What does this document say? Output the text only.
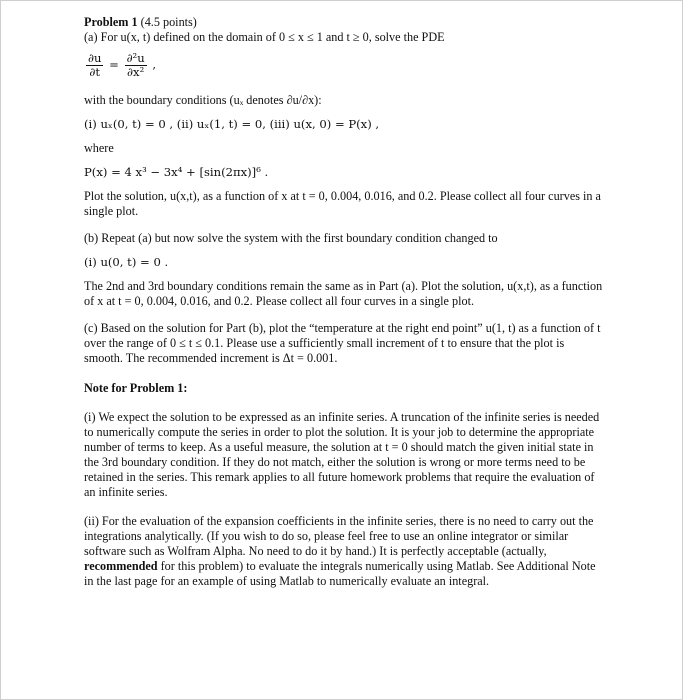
Problem 1 (4.5 points)

(a) For u(x, t) defined on the domain of 0 ≤ x ≤ 1 and t ≥ 0, solve the PDE

$\frac{\partial u}{\partial t} = \frac{\text{∂²u}}{\text{∂x²}}$ ,

with the boundary conditions (uₓ denotes ∂u/∂x):

(i) uₓ(0, t) = 0 , (ii) uₓ(1, t) = 0, (iii) u(x, 0) = P(x) ,

where

P(x) = 4 x³ − 3x⁴ + [sin(2πx)]⁶ .

Plot the solution, u(x,t), as a function of x at t = 0, 0.004, 0.016, and 0.2. Please collect all four curves in a single plot.

(b) Repeat (a) but now solve the system with the first boundary condition changed to

(i) u(0, t) = 0 .

The 2nd and 3rd boundary conditions remain the same as in Part (a). Plot the solution, u(x,t), as a function of x at t = 0, 0.004, 0.016, and 0.2. Please collect all four curves in a single plot.

(c) Based on the solution for Part (b), plot the “temperature at the right end point” u(1, t) as a function of t over the range of 0 ≤ t ≤ 0.1. Please use a sufficiently small increment of t to ensure that the plot is smooth. The recommended increment is Δt = 0.001.

Note for Problem 1:

(i) We expect the solution to be expressed as an infinite series. A truncation of the infinite series is needed to numerically compute the series in order to plot the solution. It is your job to determine the appropriate number of terms to keep. As a useful measure, the solution at t = 0 should match the given initial state in the 3rd boundary condition. If they do not match, either the solution is wrong or more terms need to be retained in the series. This remark applies to all future homework problems that require the evaluation of an infinite series.

(ii) For the evaluation of the expansion coefficients in the infinite series, there is no need to carry out the integrations analytically. (If you wish to do so, please feel free to use an online integrator or similar software such as Wolfram Alpha. No need to do it by hand.) It is perfectly acceptable (actually, recommended for this problem) to evaluate the integrals numerically using Matlab. See Additional Note in the last page for an example of using Matlab to numerically evaluate an integral.
